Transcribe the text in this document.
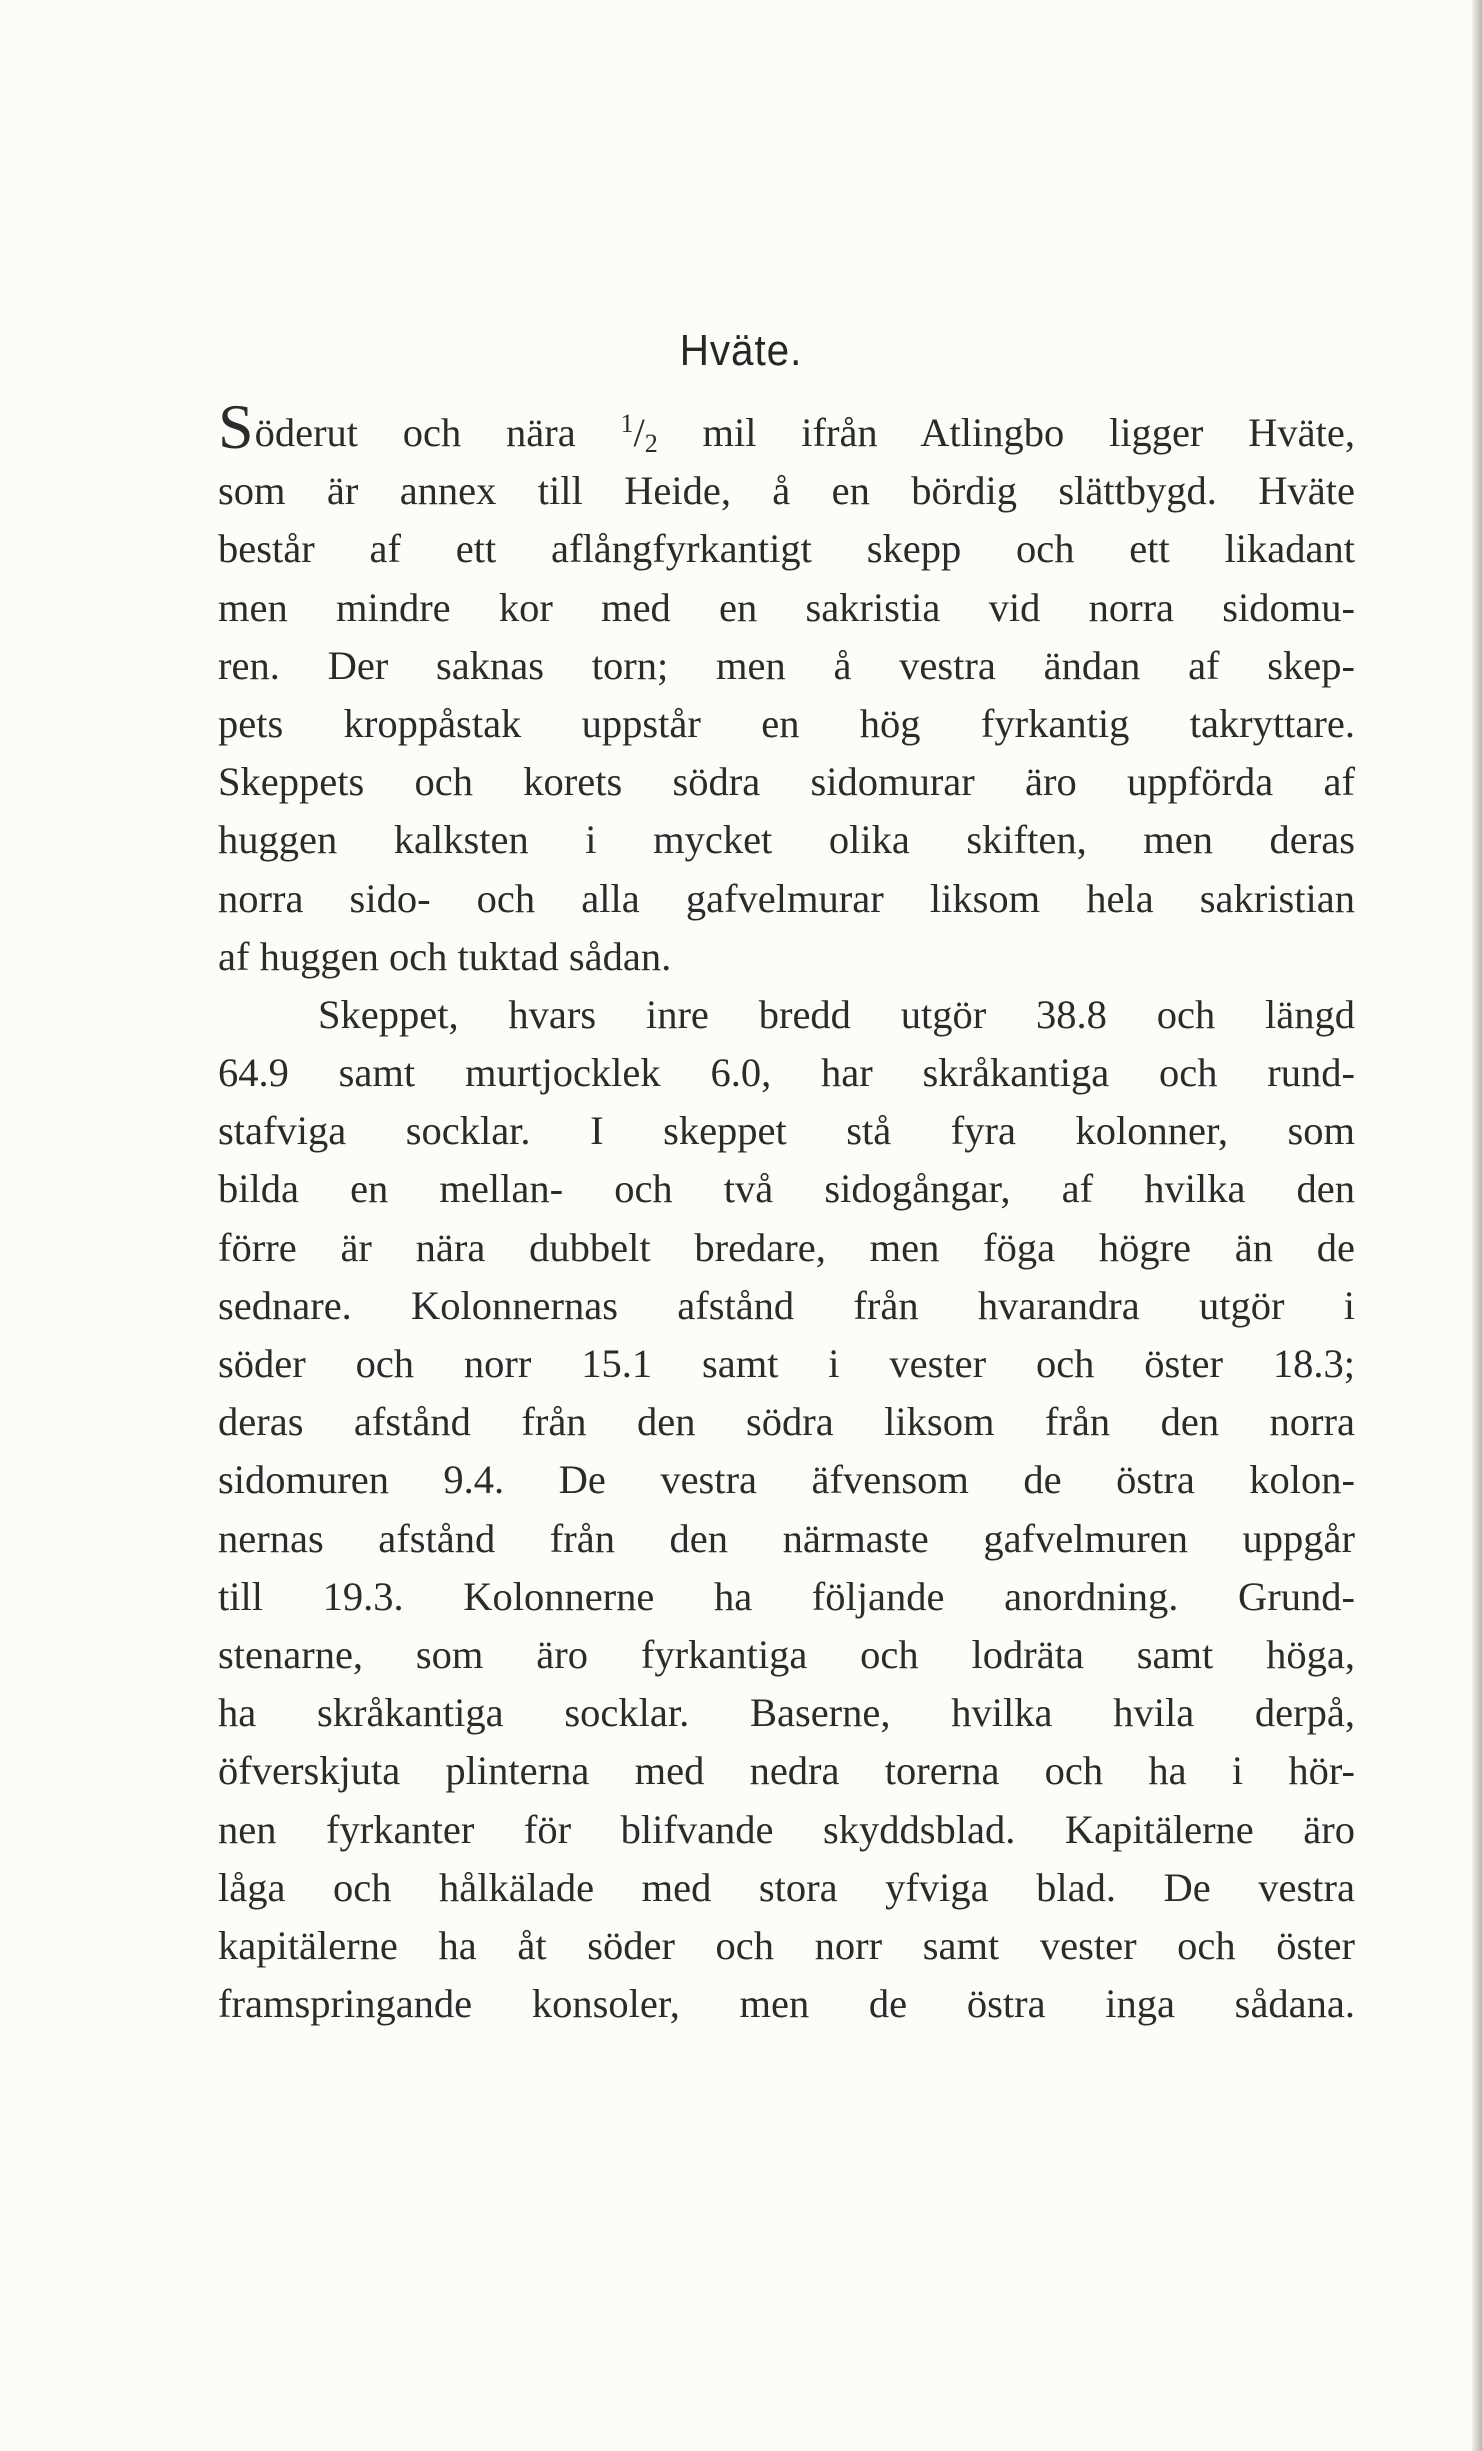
Hväte.
Söderut och nära $^1/_2$ mil ifrån Atlingbo ligger Hväte,
som är annex till Heide, å en bördig slättbygd. Hväte
består af ett aflångfyrkantigt skepp och ett likadant
men mindre kor med en sakristia vid norra sidomu-
ren. Der saknas torn; men å vestra ändan af skep-
pets kroppåstak uppstår en hög fyrkantig takryttare.
Skeppets och korets södra sidomurar äro uppförda af
huggen kalksten i mycket olika skiften, men deras
norra sido- och alla gafvelmurar liksom hela sakristian
af huggen och tuktad sådan.
Skeppet, hvars inre bredd utgör 38.8 och längd
64.9 samt murtjocklek 6.0, har skråkantiga och rund-
stafviga socklar. I skeppet stå fyra kolonner, som
bilda en mellan- och två sidogångar, af hvilka den
förre är nära dubbelt bredare, men föga högre än de
sednare. Kolonnernas afstånd från hvarandra utgör i
söder och norr 15.1 samt i vester och öster 18.3;
deras afstånd från den södra liksom från den norra
sidomuren 9.4. De vestra äfvensom de östra kolon-
nernas afstånd från den närmaste gafvelmuren uppgår
till 19.3. Kolonnerne ha följande anordning. Grund-
stenarne, som äro fyrkantiga och lodräta samt höga,
ha skråkantiga socklar. Baserne, hvilka hvila derpå,
öfverskjuta plinterna med nedra torerna och ha i hör-
nen fyrkanter för blifvande skyddsblad. Kapitälerne äro
låga och hålkälade med stora yfviga blad. De vestra
kapitälerne ha åt söder och norr samt vester och öster
framspringande konsoler, men de östra inga sådana.
